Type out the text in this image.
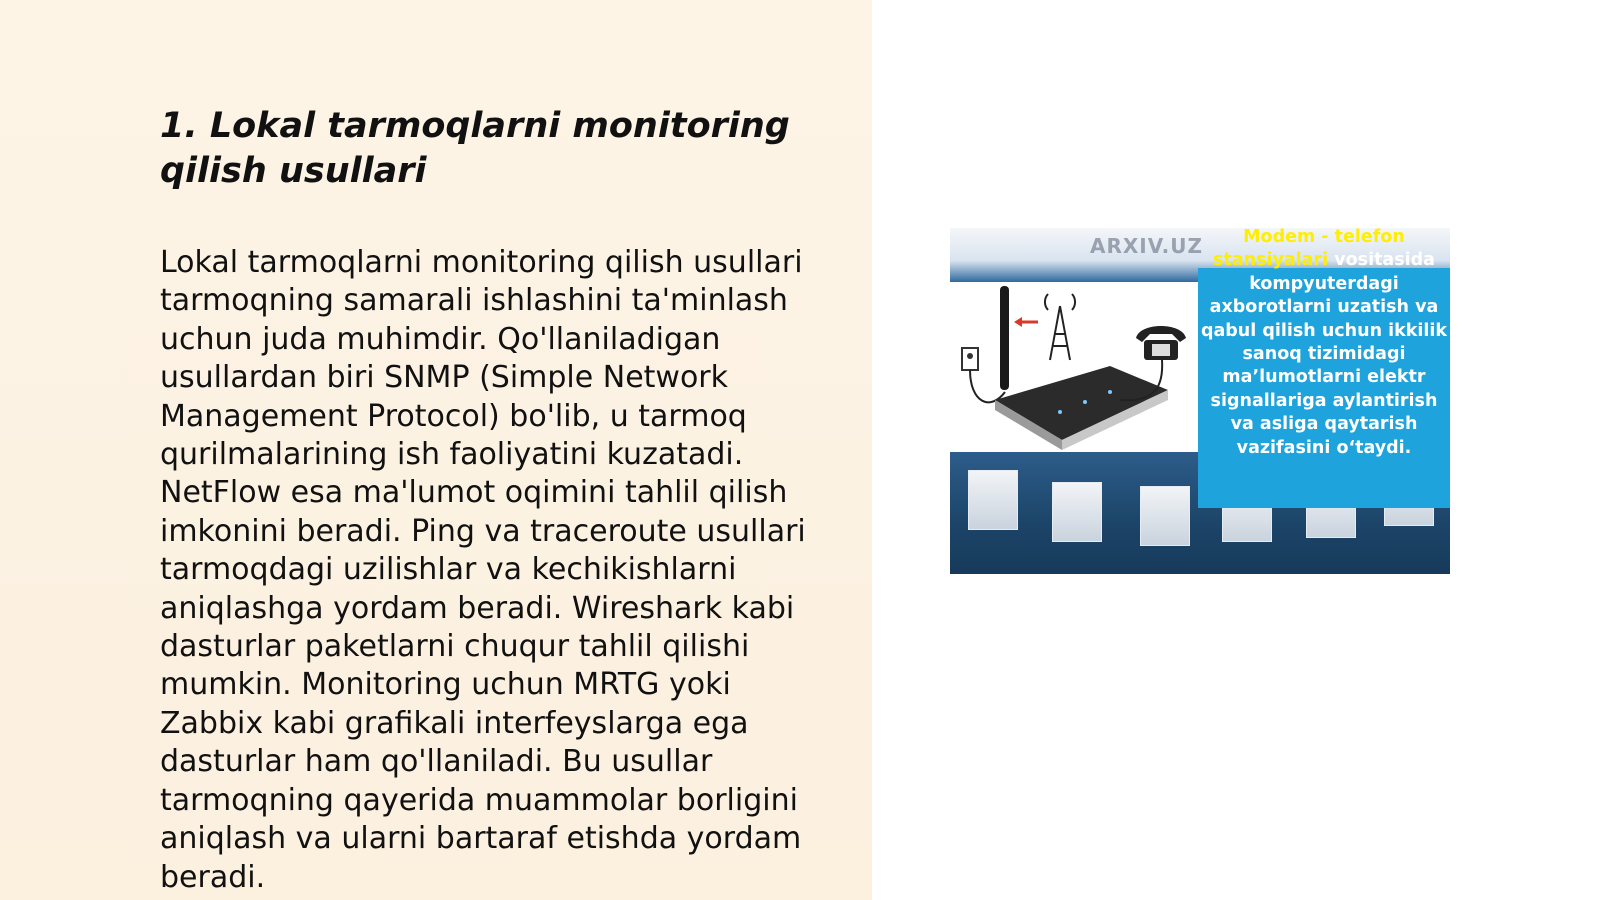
1. Lokal tarmoqlarni monitoring qilish usullari

Lokal tarmoqlarni monitoring qilish usullari tarmoqning samarali ishlashini ta'minlash uchun juda muhimdir. Qo'llaniladigan usullardan biri SNMP (Simple Network Management Protocol) bo'lib, u tarmoq qurilmalarining ish faoliyatini kuzatadi. NetFlow esa ma'lumot oqimini tahlil qilish imkonini beradi. Ping va traceroute usullari tarmoqdagi uzilishlar va kechikishlarni aniqlashga yordam beradi. Wireshark kabi dasturlar paketlarni chuqur tahlil qilishi mumkin. Monitoring uchun MRTG yoki Zabbix kabi grafikali interfeyslarga ega dasturlar ham qo'llaniladi. Bu usullar tarmoqning qayerida muammolar borligini aniqlash va ularni bartaraf etishda yordam beradi.

ARXIV.UZ	Modem - telefon stansiyalari vositasida kompyuterdagi axborotlarni uzatish va qabul qilish uchun ikkilik sanoq tizimidagi ma’lumotlarni elektr signallariga aylantirish va asliga qaytarish vazifasini o‘taydi.
